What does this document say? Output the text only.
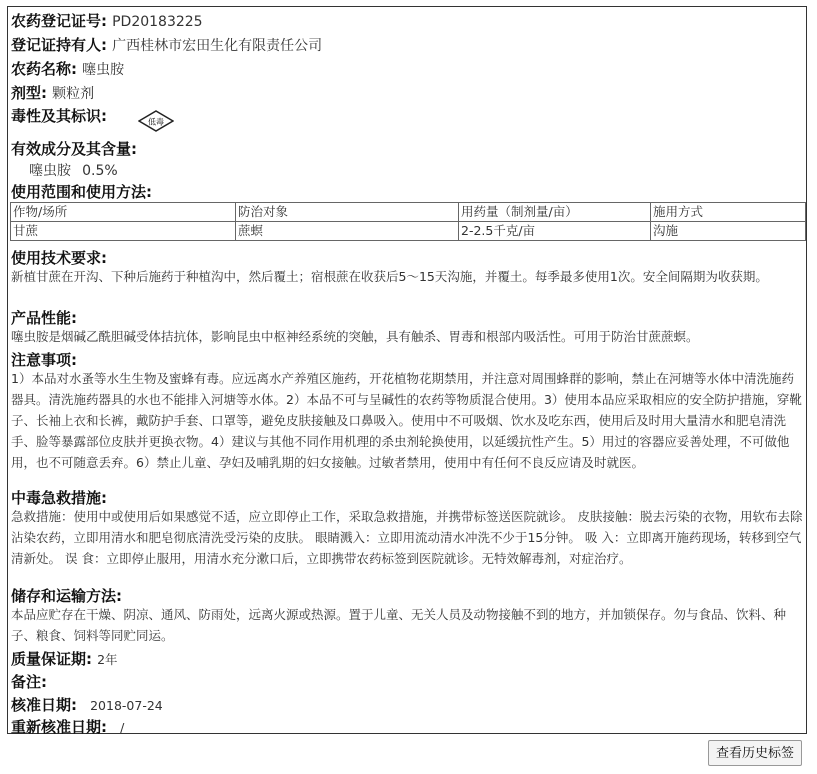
农药登记证号: PD20183225
登记证持有人: 广西桂林市宏田生化有限责任公司
农药名称: 噻虫胺
剂型: 颗粒剂
毒性及其标识:	低毒
有效成分及其含量:
噻虫胺 0.5%
使用范围和使用方法:
作物/场所	防治对象	用药量（制剂量/亩）	施用方式
甘蔗	蔗螟	2-2.5千克/亩	沟施
使用技术要求:
新植甘蔗在开沟、下种后施药于种植沟中，然后覆土；宿根蔗在收获后5～15天沟施，并覆土。每季最多使用1次。安全间隔期为收获期。
产品性能:
噻虫胺是烟碱乙酰胆碱受体拮抗体，影响昆虫中枢神经系统的突触，具有触杀、胃毒和根部内吸活性。可用于防治甘蔗蔗螟。
注意事项:
1）本品对水蚤等水生生物及蜜蜂有毒。应远离水产养殖区施药，开花植物花期禁用，并注意对周围蜂群的影响，禁止在河塘等水体中清洗施药器具。清洗施药器具的水也不能排入河塘等水体。2）本品不可与呈碱性的农药等物质混合使用。3）使用本品应采取相应的安全防护措施，穿靴子、长袖上衣和长裤，戴防护手套、口罩等，避免皮肤接触及口鼻吸入。使用中不可吸烟、饮水及吃东西，使用后及时用大量清水和肥皂清洗手、脸等暴露部位皮肤并更换衣物。4）建议与其他不同作用机理的杀虫剂轮换使用，以延缓抗性产生。5）用过的容器应妥善处理，不可做他用，也不可随意丢弃。6）禁止儿童、孕妇及哺乳期的妇女接触。过敏者禁用，使用中有任何不良反应请及时就医。
中毒急救措施:
急救措施：使用中或使用后如果感觉不适，应立即停止工作，采取急救措施，并携带标签送医院就诊。 皮肤接触：脱去污染的衣物，用软布去除沾染农药，立即用清水和肥皂彻底清洗受污染的皮肤。 眼睛溅入：立即用流动清水冲洗不少于15分钟。 吸 入：立即离开施药现场，转移到空气清新处。 误 食：立即停止服用，用清水充分漱口后，立即携带农药标签到医院就诊。无特效解毒剂，对症治疗。
储存和运输方法:
本品应贮存在干燥、阴凉、通风、防雨处，远离火源或热源。置于儿童、无关人员及动物接触不到的地方，并加锁保存。勿与食品、饮料、种子、粮食、饲料等同贮同运。
质量保证期: 2年
备注:
核准日期: 2018-07-24
重新核准日期: /
查看历史标签
